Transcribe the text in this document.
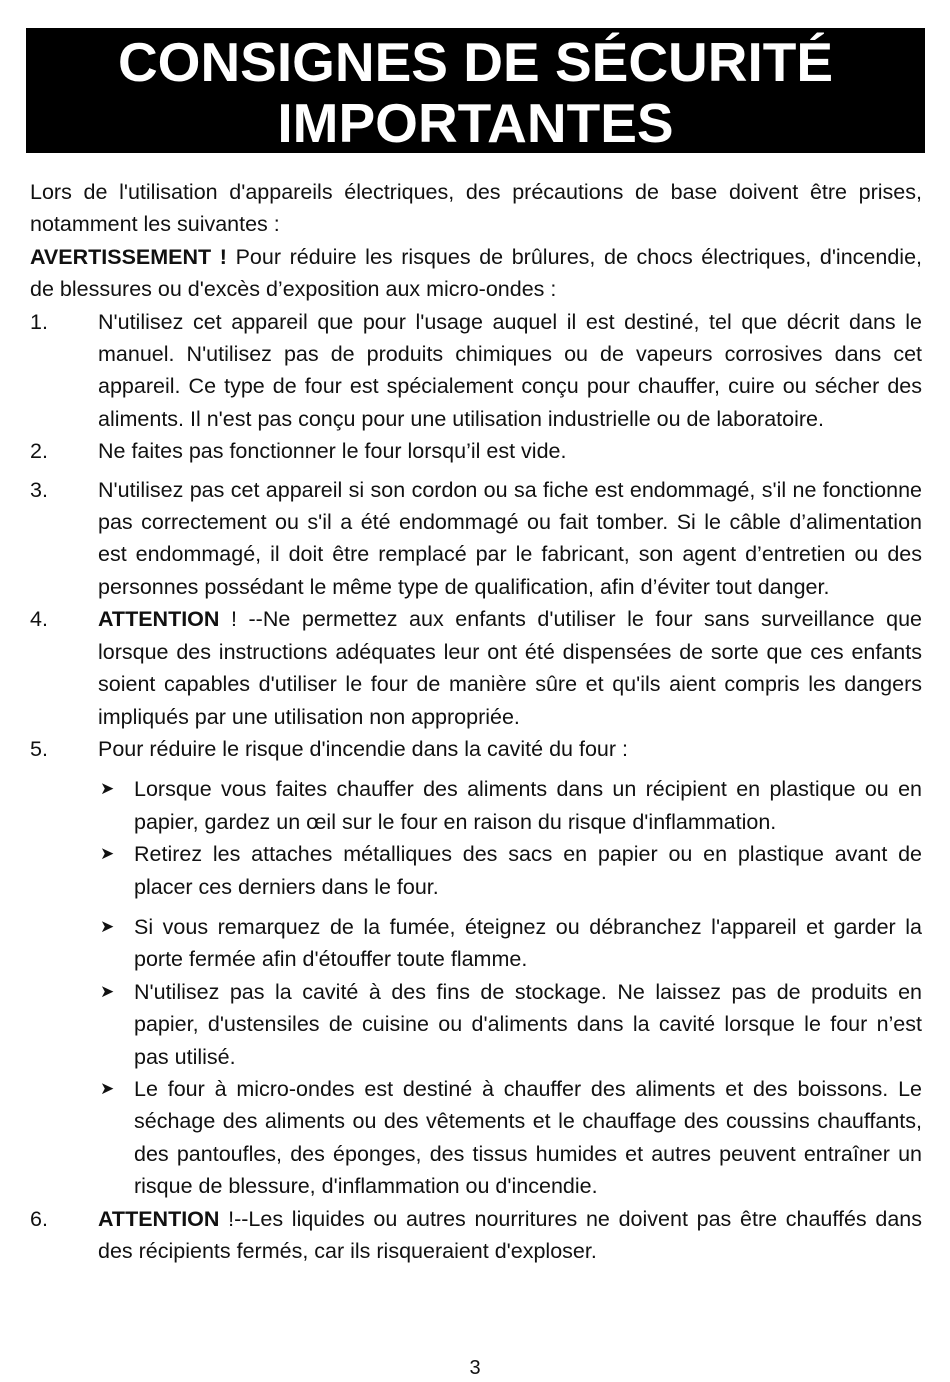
CONSIGNES DE SÉCURITÉ
IMPORTANTES

Lors de l'utilisation d'appareils électriques, des précautions de base doivent être prises, notamment les suivantes :

AVERTISSEMENT ! Pour réduire les risques de brûlures, de chocs électriques, d'incendie, de blessures ou d'excès d’exposition aux micro-ondes :

1. N'utilisez cet appareil que pour l'usage auquel il est destiné, tel que décrit dans le manuel. N'utilisez pas de produits chimiques ou de vapeurs corrosives dans cet appareil. Ce type de four est spécialement conçu pour chauffer, cuire ou sécher des aliments. Il n'est pas conçu pour une utilisation industrielle ou de laboratoire.
2. Ne faites pas fonctionner le four lorsqu’il est vide.
3. N'utilisez pas cet appareil si son cordon ou sa fiche est endommagé, s'il ne fonctionne pas correctement ou s'il a été endommagé ou fait tomber. Si le câble d’alimentation est endommagé, il doit être remplacé par le fabricant, son agent d’entretien ou des personnes possédant le même type de qualification, afin d’éviter tout danger.
4. ATTENTION ! --Ne permettez aux enfants d'utiliser le four sans surveillance que lorsque des instructions adéquates leur ont été dispensées de sorte que ces enfants soient capables d'utiliser le four de manière sûre et qu'ils aient compris les dangers impliqués par une utilisation non appropriée.
5. Pour réduire le risque d'incendie dans la cavité du four :
➤ Lorsque vous faites chauffer des aliments dans un récipient en plastique ou en papier, gardez un œil sur le four en raison du risque d'inflammation.
➤ Retirez les attaches métalliques des sacs en papier ou en plastique avant de placer ces derniers dans le four.
➤ Si vous remarquez de la fumée, éteignez ou débranchez l'appareil et garder la porte fermée afin d'étouffer toute flamme.
➤ N'utilisez pas la cavité à des fins de stockage. Ne laissez pas de produits en papier, d'ustensiles de cuisine ou d'aliments dans la cavité lorsque le four n’est pas utilisé.
➤ Le four à micro-ondes est destiné à chauffer des aliments et des boissons. Le séchage des aliments ou des vêtements et le chauffage des coussins chauffants, des pantoufles, des éponges, des tissus humides et autres peuvent entraîner un risque de blessure, d'inflammation ou d'incendie.
6. ATTENTION !--Les liquides ou autres nourritures ne doivent pas être chauffés dans des récipients fermés, car ils risqueraient d'exploser.
3
